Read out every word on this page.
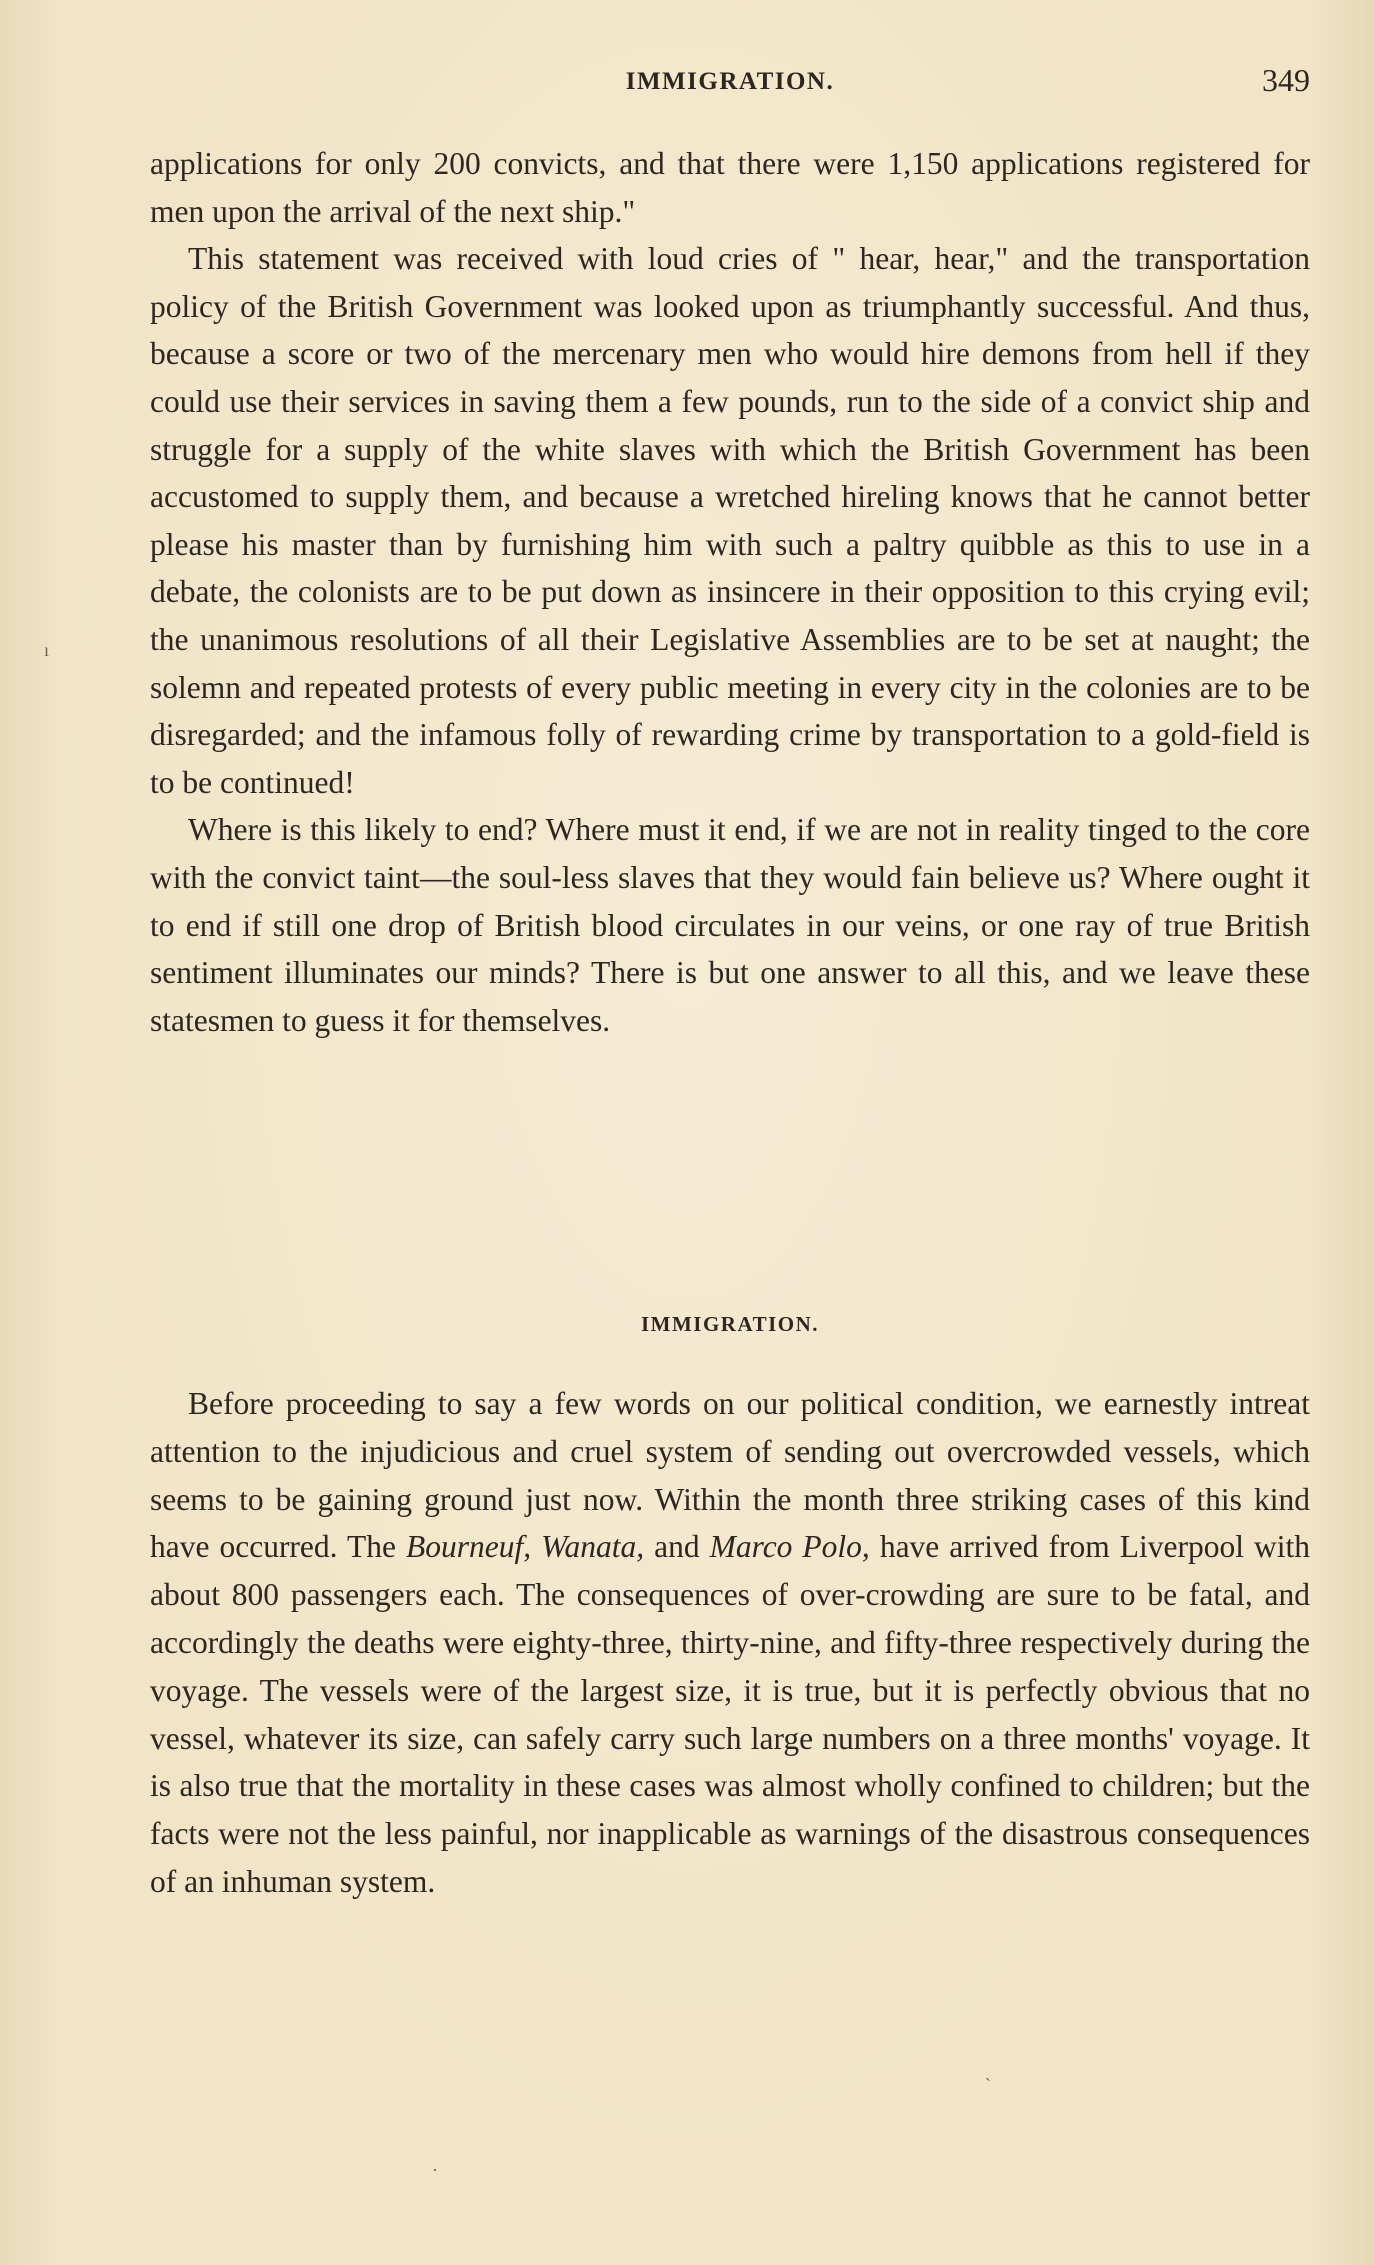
IMMIGRATION.	349

applications for only 200 convicts, and that there were 1,150 applications registered for men upon the arrival of the next ship."

This statement was received with loud cries of " hear, hear," and the transportation policy of the British Government was looked upon as triumphantly successful. And thus, because a score or two of the mercenary men who would hire demons from hell if they could use their services in saving them a few pounds, run to the side of a convict ship and struggle for a supply of the white slaves with which the British Government has been accustomed to supply them, and because a wretched hireling knows that he cannot better please his master than by furnishing him with such a paltry quibble as this to use in a debate, the colonists are to be put down as insincere in their opposition to this crying evil; the unanimous resolutions of all their Legislative Assemblies are to be set at naught; the solemn and repeated protests of every public meeting in every city in the colonies are to be disregarded; and the infamous folly of rewarding crime by transportation to a gold-field is to be continued!

Where is this likely to end? Where must it end, if we are not in reality tinged to the core with the convict taint—the soul-less slaves that they would fain believe us? Where ought it to end if still one drop of British blood circulates in our veins, or one ray of true British sentiment illuminates our minds? There is but one answer to all this, and we leave these statesmen to guess it for themselves.

IMMIGRATION.

Before proceeding to say a few words on our political condition, we earnestly intreat attention to the injudicious and cruel system of sending out overcrowded vessels, which seems to be gaining ground just now. Within the month three striking cases of this kind have occurred. The Bourneuf, Wanata, and Marco Polo, have arrived from Liverpool with about 800 passengers each. The consequences of over-crowding are sure to be fatal, and accordingly the deaths were eighty-three, thirty-nine, and fifty-three respectively during the voyage. The vessels were of the largest size, it is true, but it is perfectly obvious that no vessel, whatever its size, can safely carry such large numbers on a three months' voyage. It is also true that the mortality in these cases was almost wholly confined to children; but the facts were not the less painful, nor inapplicable as warnings of the disastrous consequences of an inhuman system.

ı
ˋ
·
